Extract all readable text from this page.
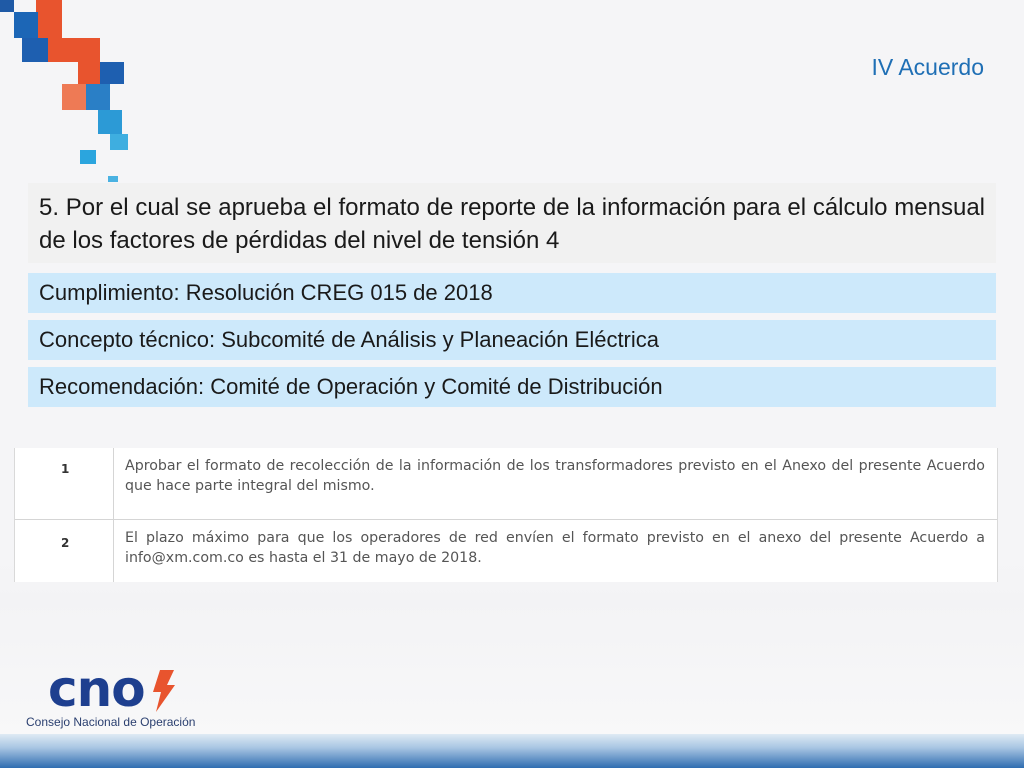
IV Acuerdo

5. Por el cual se aprueba el formato de reporte de la información para el cálculo mensual de los factores de pérdidas del nivel de tensión 4

Cumplimiento: Resolución CREG 015 de 2018
Concepto técnico: Subcomité de Análisis y Planeación Eléctrica
Recomendación: Comité de Operación y Comité de Distribución
1	Aprobar el formato de recolección de la información de los transformadores previsto en el Anexo del presente Acuerdo que hace parte integral del mismo.
2	El plazo máximo para que los operadores de red envíen el formato previsto en el anexo del presente Acuerdo a info@xm.com.co es hasta el 31 de mayo de 2018.
cno
Consejo Nacional de Operación
